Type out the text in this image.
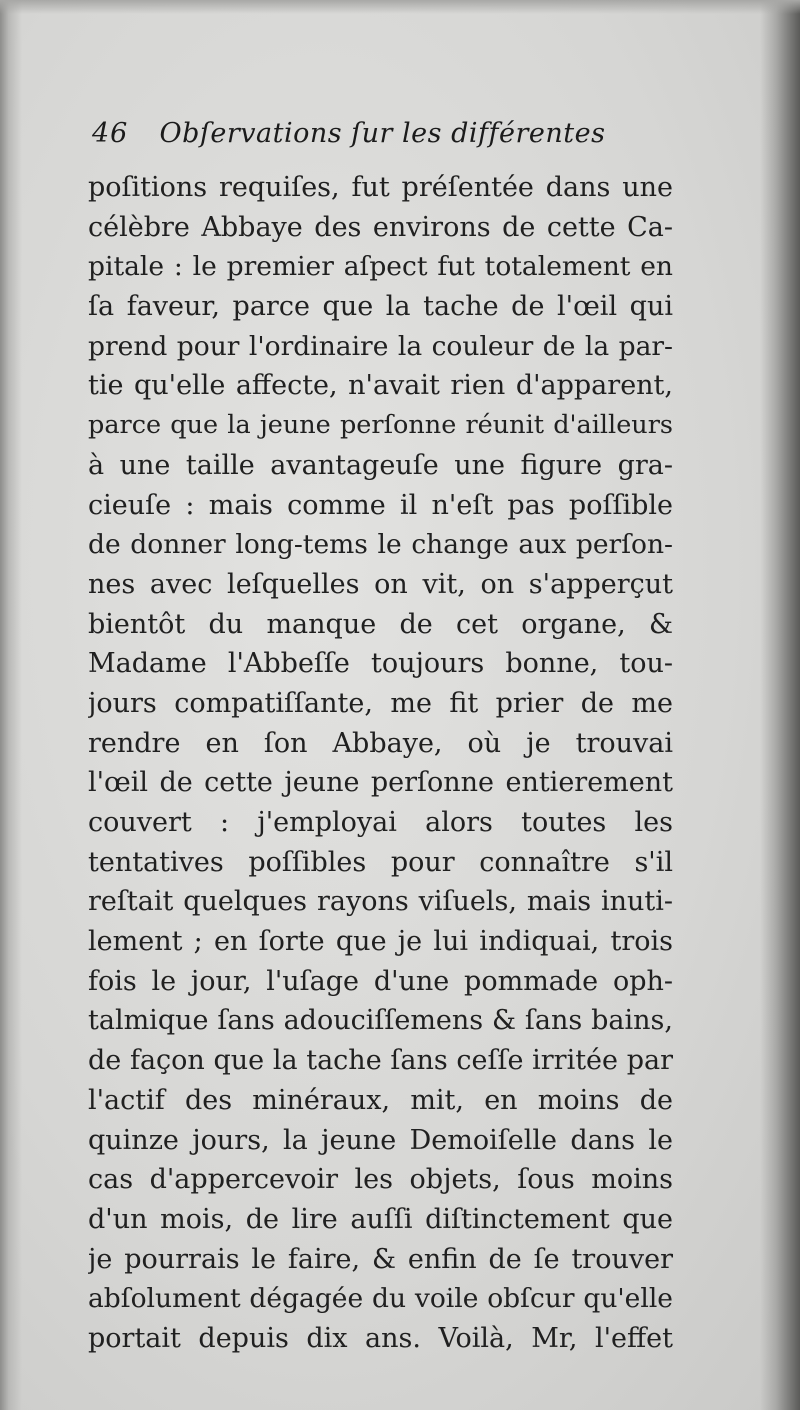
46 Obſervations ſur les différentes
poſitions requiſes, fut préſentée dans une
célèbre Abbaye des environs de cette Ca-
pitale : le premier aſpect fut totalement en
ſa faveur, parce que la tache de l'œil qui
prend pour l'ordinaire la couleur de la par-
tie qu'elle affecte, n'avait rien d'apparent,
parce que la jeune perſonne réunit d'ailleurs
à une taille avantageuſe une figure gra-
cieuſe : mais comme il n'eſt pas poſſible
de donner long-tems le change aux perſon-
nes avec leſquelles on vit, on s'apperçut
bientôt du manque de cet organe, &
Madame l'Abbeſſe toujours bonne, tou-
jours compatiſſante, me fit prier de me
rendre en ſon Abbaye, où je trouvai
l'œil de cette jeune perſonne entierement
couvert : j'employai alors toutes les
tentatives poſſibles pour connaître s'il
reſtait quelques rayons viſuels, mais inuti-
lement ; en ſorte que je lui indiquai, trois
fois le jour, l'uſage d'une pommade oph-
talmique ſans adouciſſemens & ſans bains,
de façon que la tache ſans ceſſe irritée par
l'actif des minéraux, mit, en moins de
quinze jours, la jeune Demoiſelle dans le
cas d'appercevoir les objets, ſous moins
d'un mois, de lire auſſi diſtinctement que
je pourrais le faire, & enfin de ſe trouver
abſolument dégagée du voile obſcur qu'elle
portait depuis dix ans. Voilà, Mr, l'effet
